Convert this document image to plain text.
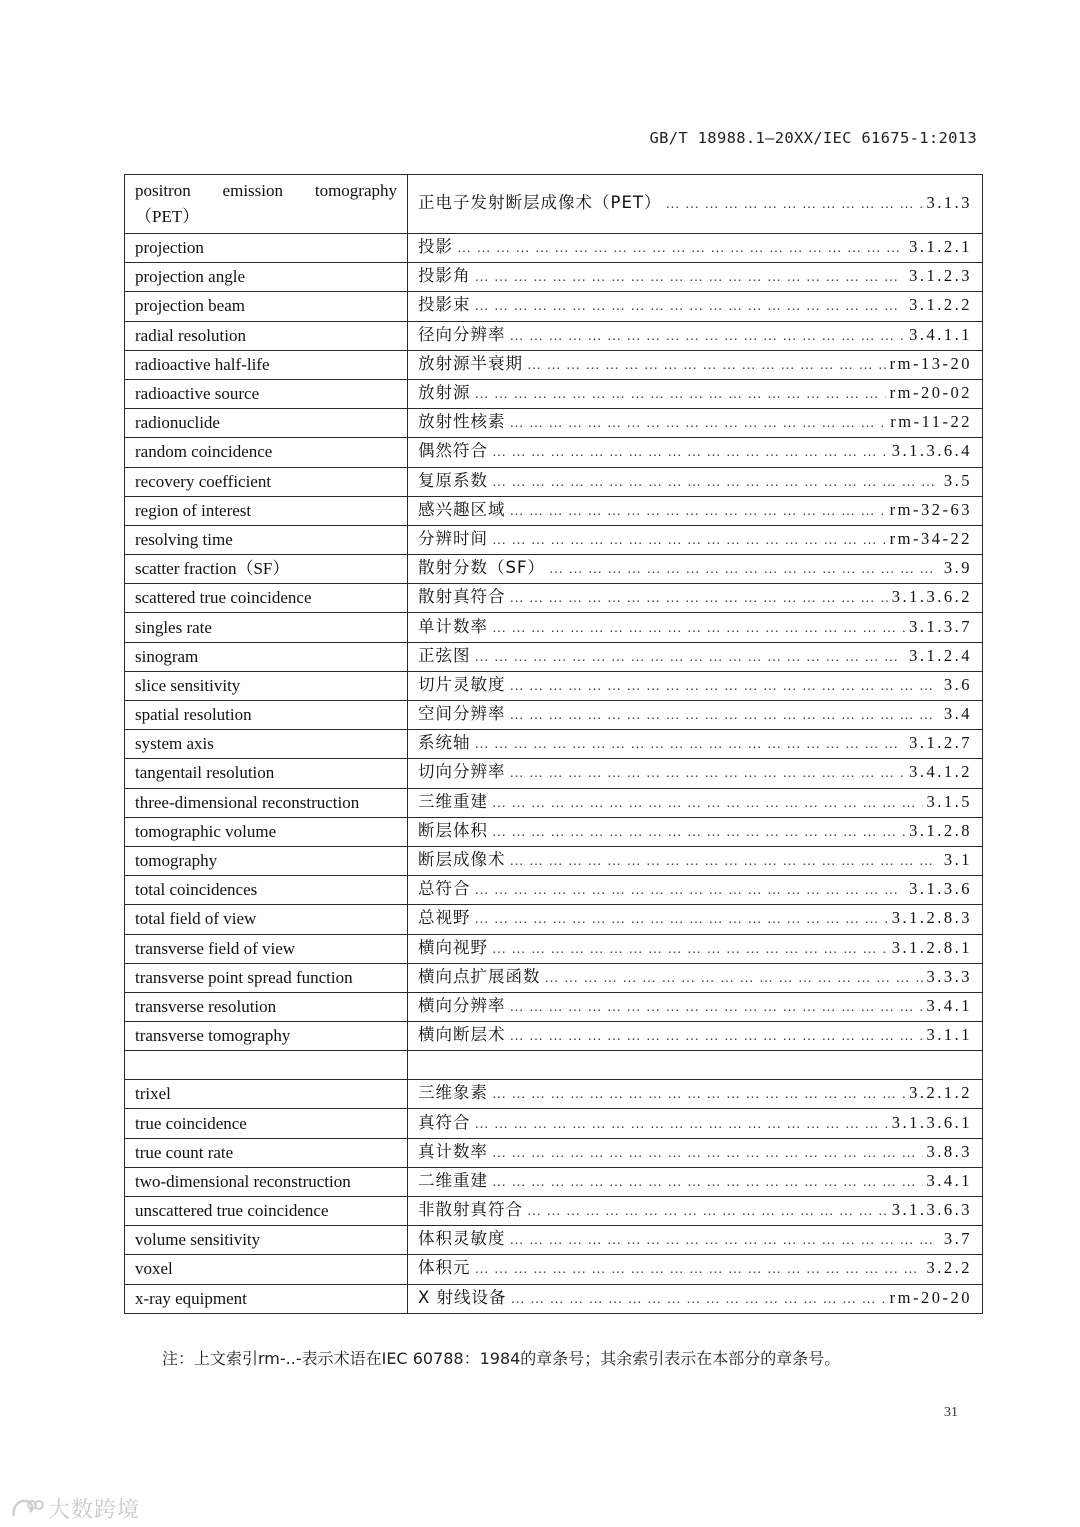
GB/T 18988.1—20XX/IEC 61675-1:2013
positron emission tomography（PET）	正电子发射断层成像术（PET） … … … … … … … … … … … … … … … … … … … … … … … … … … … … … … … … … … … … … … … … 3.1.3

projection	投影 … … … … … … … … … … … … … … … … … … … … … … … … … … … … … … … … … … … … … … … … 3.1.2.1

projection angle	投影角 … … … … … … … … … … … … … … … … … … … … … … … … … … … … … … … … … … … … … … … … 3.1.2.3

projection beam	投影束 … … … … … … … … … … … … … … … … … … … … … … … … … … … … … … … … … … … … … … … … 3.1.2.2

radial resolution	径向分辨率 … … … … … … … … … … … … … … … … … … … … … … … … … … … … … … … … … … … … … … … … 3.4.1.1

radioactive half-life	放射源半衰期 … … … … … … … … … … … … … … … … … … … … … … … … … … … … … … … … … … … … … … … … rm-13-20

radioactive source	放射源 … … … … … … … … … … … … … … … … … … … … … … … … … … … … … … … … … … … … … … … … rm-20-02

radionuclide	放射性核素 … … … … … … … … … … … … … … … … … … … … … … … … … … … … … … … … … … … … … … … … rm-11-22

random coincidence	偶然符合 … … … … … … … … … … … … … … … … … … … … … … … … … … … … … … … … … … … … … … … … 3.1.3.6.4

recovery coefficient	复原系数 … … … … … … … … … … … … … … … … … … … … … … … … … … … … … … … … … … … … … … … … 3.5

region of interest	感兴趣区域 … … … … … … … … … … … … … … … … … … … … … … … … … … … … … … … … … … … … … … … … rm-32-63

resolving time	分辨时间 … … … … … … … … … … … … … … … … … … … … … … … … … … … … … … … … … … … … … … … … rm-34-22

scatter fraction（SF）	散射分数（SF） … … … … … … … … … … … … … … … … … … … … … … … … … … … … … … … … … … … … … … … … 3.9

scattered true coincidence	散射真符合 … … … … … … … … … … … … … … … … … … … … … … … … … … … … … … … … … … … … … … … … 3.1.3.6.2

singles rate	单计数率 … … … … … … … … … … … … … … … … … … … … … … … … … … … … … … … … … … … … … … … … 3.1.3.7

sinogram	正弦图 … … … … … … … … … … … … … … … … … … … … … … … … … … … … … … … … … … … … … … … … 3.1.2.4

slice sensitivity	切片灵敏度 … … … … … … … … … … … … … … … … … … … … … … … … … … … … … … … … … … … … … … … … 3.6

spatial resolution	空间分辨率 … … … … … … … … … … … … … … … … … … … … … … … … … … … … … … … … … … … … … … … … 3.4

system axis	系统轴 … … … … … … … … … … … … … … … … … … … … … … … … … … … … … … … … … … … … … … … … 3.1.2.7

tangentail resolution	切向分辨率 … … … … … … … … … … … … … … … … … … … … … … … … … … … … … … … … … … … … … … … … 3.4.1.2

three-dimensional reconstruction	三维重建 … … … … … … … … … … … … … … … … … … … … … … … … … … … … … … … … … … … … … … … … 3.1.5

tomographic volume	断层体积 … … … … … … … … … … … … … … … … … … … … … … … … … … … … … … … … … … … … … … … … 3.1.2.8

tomography	断层成像术 … … … … … … … … … … … … … … … … … … … … … … … … … … … … … … … … … … … … … … … … 3.1

total coincidences	总符合 … … … … … … … … … … … … … … … … … … … … … … … … … … … … … … … … … … … … … … … … 3.1.3.6

total field of view	总视野 … … … … … … … … … … … … … … … … … … … … … … … … … … … … … … … … … … … … … … … … 3.1.2.8.3

transverse field of view	横向视野 … … … … … … … … … … … … … … … … … … … … … … … … … … … … … … … … … … … … … … … … 3.1.2.8.1

transverse point spread function	横向点扩展函数 … … … … … … … … … … … … … … … … … … … … … … … … … … … … … … … … … … … … … … … … 3.3.3

transverse resolution	横向分辨率 … … … … … … … … … … … … … … … … … … … … … … … … … … … … … … … … … … … … … … … … 3.4.1

transverse tomography	横向断层术 … … … … … … … … … … … … … … … … … … … … … … … … … … … … … … … … … … … … … … … … 3.1.1

trixel	三维象素 … … … … … … … … … … … … … … … … … … … … … … … … … … … … … … … … … … … … … … … … 3.2.1.2

true coincidence	真符合 … … … … … … … … … … … … … … … … … … … … … … … … … … … … … … … … … … … … … … … … 3.1.3.6.1

true count rate	真计数率 … … … … … … … … … … … … … … … … … … … … … … … … … … … … … … … … … … … … … … … … 3.8.3

two-dimensional reconstruction	二维重建 … … … … … … … … … … … … … … … … … … … … … … … … … … … … … … … … … … … … … … … … 3.4.1

unscattered true coincidence	非散射真符合 … … … … … … … … … … … … … … … … … … … … … … … … … … … … … … … … … … … … … … … … 3.1.3.6.3

volume sensitivity	体积灵敏度 … … … … … … … … … … … … … … … … … … … … … … … … … … … … … … … … … … … … … … … … 3.7

voxel	体积元 … … … … … … … … … … … … … … … … … … … … … … … … … … … … … … … … … … … … … … … … 3.2.2

x-ray equipment	X 射线设备 … … … … … … … … … … … … … … … … … … … … … … … … … … … … … … … … … … … … … … … … rm-20-20
注：上文索引rm-..-表示术语在IEC 60788：1984的章条号；其余索引表示在本部分的章条号。
31
大数跨境
